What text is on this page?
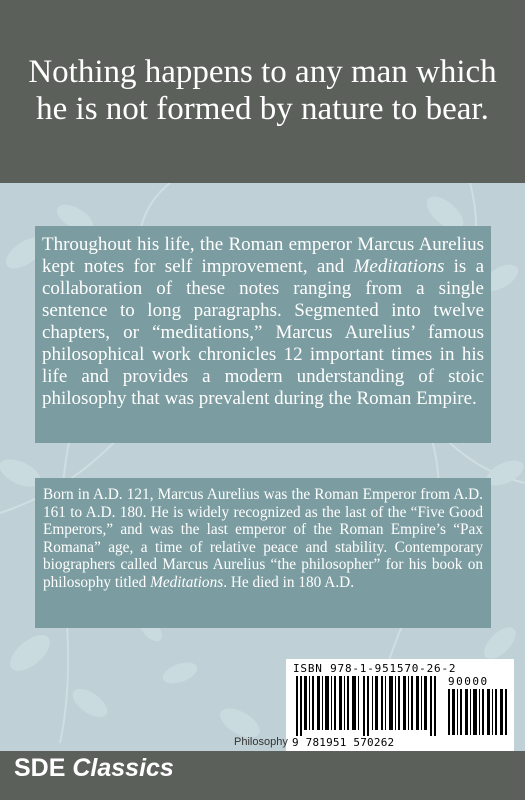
Nothing happens to any man which
he is not formed by nature to bear.
Throughout his life, the Roman emperor Marcus Aurelius kept notes for self improvement, and Meditations is a collaboration of these notes ranging from a single sentence to long paragraphs. Segmented into twelve chapters, or “meditations,” Marcus Aurelius’ famous philosophical work chronicles 12 important times in his life and provides a modern understanding of stoic philosophy that was prevalent during the Roman Empire.
Born in A.D. 121, Marcus Aurelius was the Roman Emperor from A.D. 161 to A.D. 180. He is widely recognized as the last of the “Five Good Emperors,” and was the last emperor of the Roman Empire’s “Pax Romana” age, a time of relative peace and stability. Contemporary biographers called Marcus Aurelius “the philosopher” for his book on philosophy titled Meditations. He died in 180 A.D.
ISBN 978-1-951570-26-2
90000
9 781951 570262
Philosophy
SDE Classics
